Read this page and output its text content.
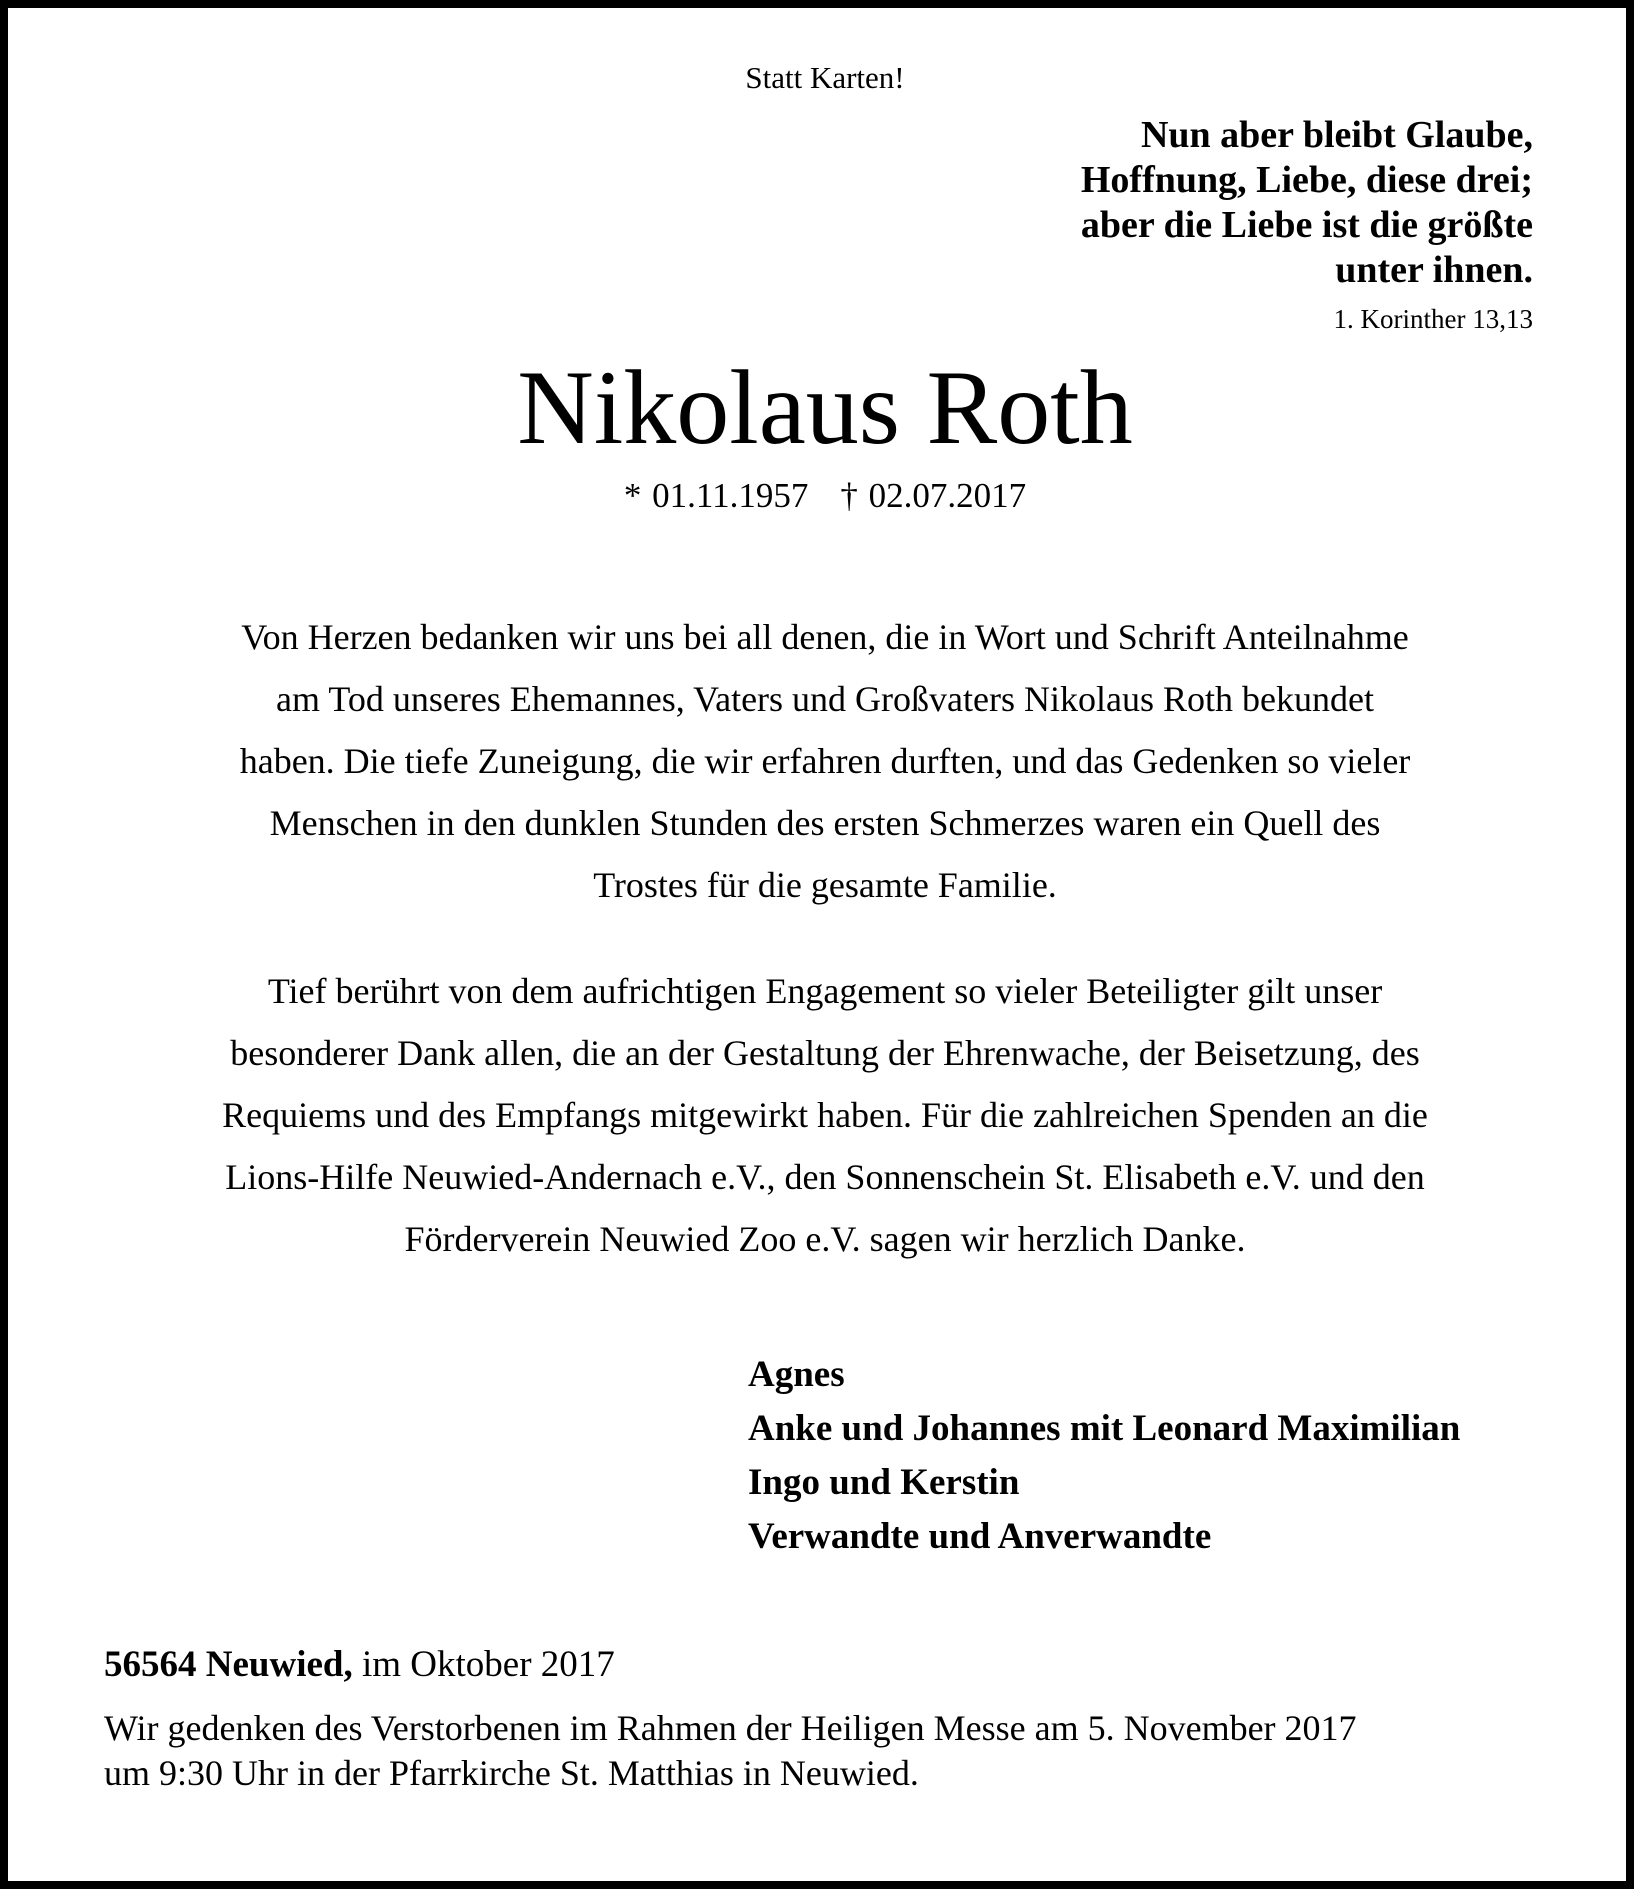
Statt Karten!
Nun aber bleibt Glaube,
Hoffnung, Liebe, diese drei;
aber die Liebe ist die größte
unter ihnen.
1. Korinther 13,13
Nikolaus Roth
* 01.11.1957 † 02.07.2017
Von Herzen bedanken wir uns bei all denen, die in Wort und Schrift Anteilnahme
am Tod unseres Ehemannes, Vaters und Großvaters Nikolaus Roth bekundet
haben. Die tiefe Zuneigung, die wir erfahren durften, und das Gedenken so vieler
Menschen in den dunklen Stunden des ersten Schmerzes waren ein Quell des
Trostes für die gesamte Familie.
Tief berührt von dem aufrichtigen Engagement so vieler Beteiligter gilt unser
besonderer Dank allen, die an der Gestaltung der Ehrenwache, der Beisetzung, des
Requiems und des Empfangs mitgewirkt haben. Für die zahlreichen Spenden an die
Lions-Hilfe Neuwied-Andernach e.V., den Sonnenschein St. Elisabeth e.V. und den
Förderverein Neuwied Zoo e.V. sagen wir herzlich Danke.
Agnes
Anke und Johannes mit Leonard Maximilian
Ingo und Kerstin
Verwandte und Anverwandte
56564 Neuwied, im Oktober 2017
Wir gedenken des Verstorbenen im Rahmen der Heiligen Messe am 5. November 2017
um 9:30 Uhr in der Pfarrkirche St. Matthias in Neuwied.
